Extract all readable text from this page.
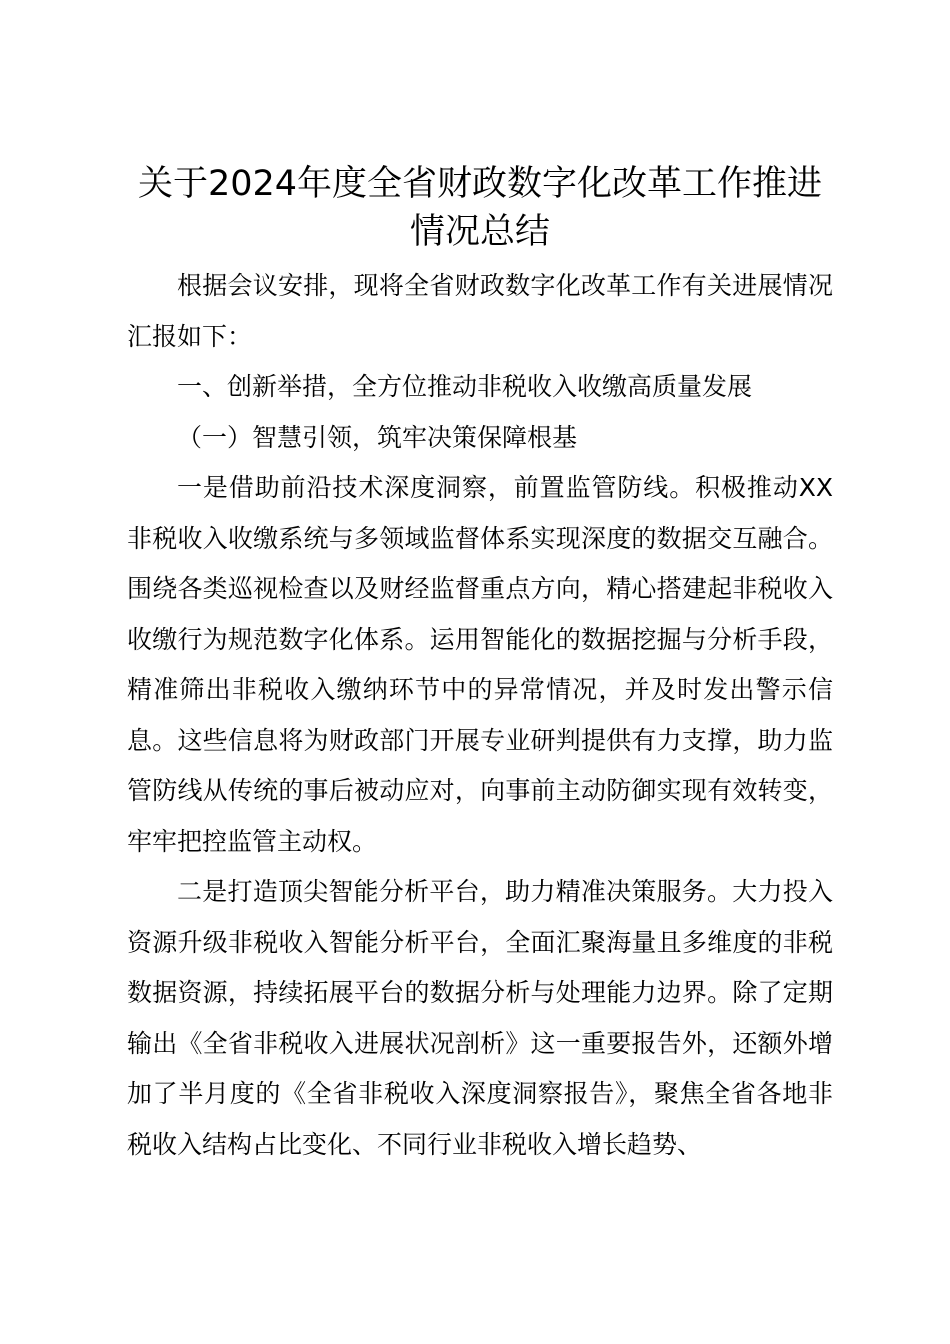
关于2024年度全省财政数字化改革工作推进情况总结

根据会议安排，现将全省财政数字化改革工作有关进展情况汇报如下：

一、创新举措，全方位推动非税收入收缴高质量发展

（一）智慧引领，筑牢决策保障根基

一是借助前沿技术深度洞察，前置监管防线。积极推动XX非税收入收缴系统与多领域监督体系实现深度的数据交互融合。围绕各类巡视检查以及财经监督重点方向，精心搭建起非税收入收缴行为规范数字化体系。运用智能化的数据挖掘与分析手段，精准筛出非税收入缴纳环节中的异常情况，并及时发出警示信息。这些信息将为财政部门开展专业研判提供有力支撑，助力监管防线从传统的事后被动应对，向事前主动防御实现有效转变，牢牢把控监管主动权。

二是打造顶尖智能分析平台，助力精准决策服务。大力投入资源升级非税收入智能分析平台，全面汇聚海量且多维度的非税数据资源，持续拓展平台的数据分析与处理能力边界。除了定期输出《全省非税收入进展状况剖析》这一重要报告外，还额外增加了半月度的《全省非税收入深度洞察报告》，聚焦全省各地非税收入结构占比变化、不同行业非税收入增长趋势、
